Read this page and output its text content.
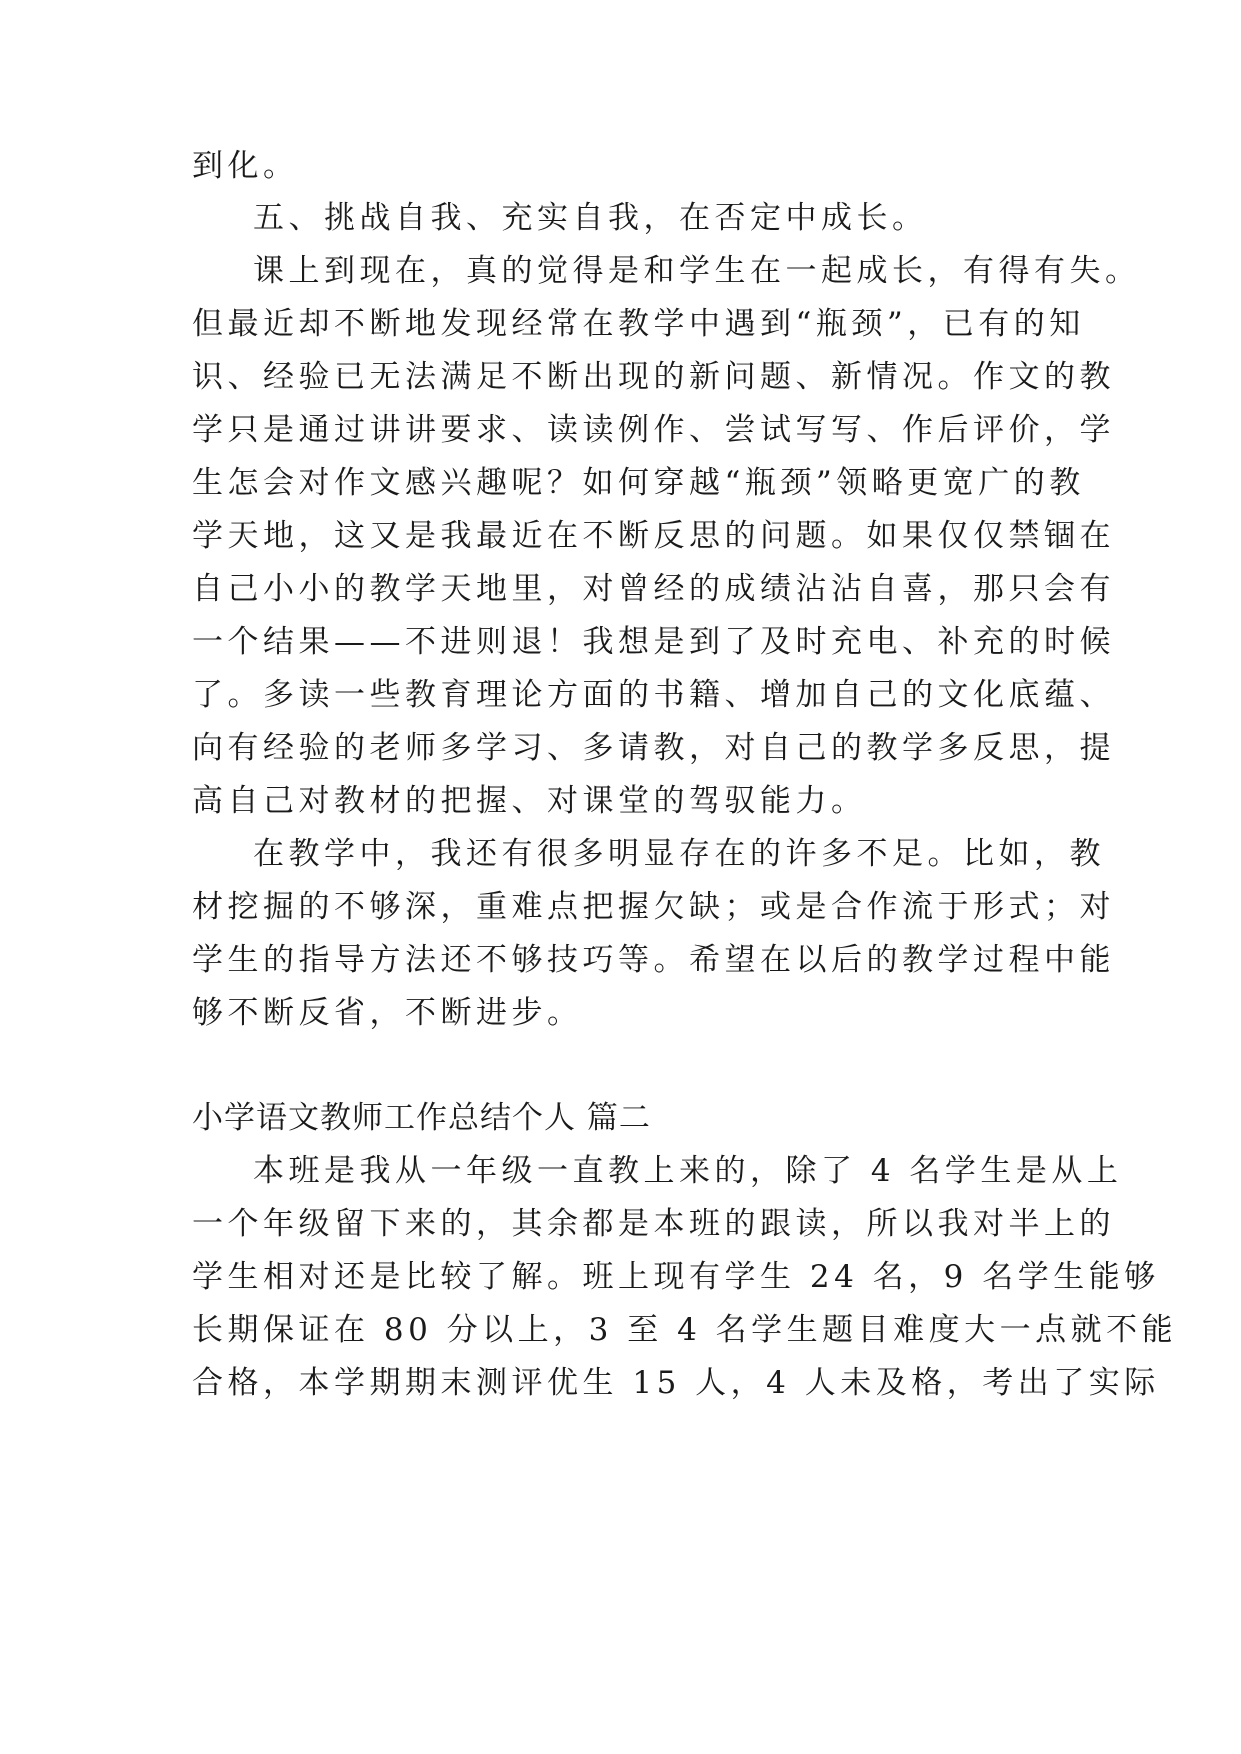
到化。
五、挑战自我、充实自我，在否定中成长。
课上到现在，真的觉得是和学生在一起成长，有得有失。
但最近却不断地发现经常在教学中遇到“瓶颈”，已有的知
识、经验已无法满足不断出现的新问题、新情况。作文的教
学只是通过讲讲要求、读读例作、尝试写写、作后评价，学
生怎会对作文感兴趣呢？如何穿越“瓶颈”领略更宽广的教
学天地，这又是我最近在不断反思的问题。如果仅仅禁锢在
自己小小的教学天地里，对曾经的成绩沾沾自喜，那只会有
一个结果——不进则退！我想是到了及时充电、补充的时候
了。多读一些教育理论方面的书籍、增加自己的文化底蕴、
向有经验的老师多学习、多请教，对自己的教学多反思，提
高自己对教材的把握、对课堂的驾驭能力。
在教学中，我还有很多明显存在的许多不足。比如，教
材挖掘的不够深，重难点把握欠缺；或是合作流于形式；对
学生的指导方法还不够技巧等。希望在以后的教学过程中能
够不断反省，不断进步。
小学语文教师工作总结个人 篇二
本班是我从一年级一直教上来的，除了 4 名学生是从上
一个年级留下来的，其余都是本班的跟读，所以我对半上的
学生相对还是比较了解。班上现有学生 24 名，9 名学生能够
长期保证在 80 分以上，3 至 4 名学生题目难度大一点就不能
合格，本学期期末测评优生 15 人，4 人未及格，考出了实际
